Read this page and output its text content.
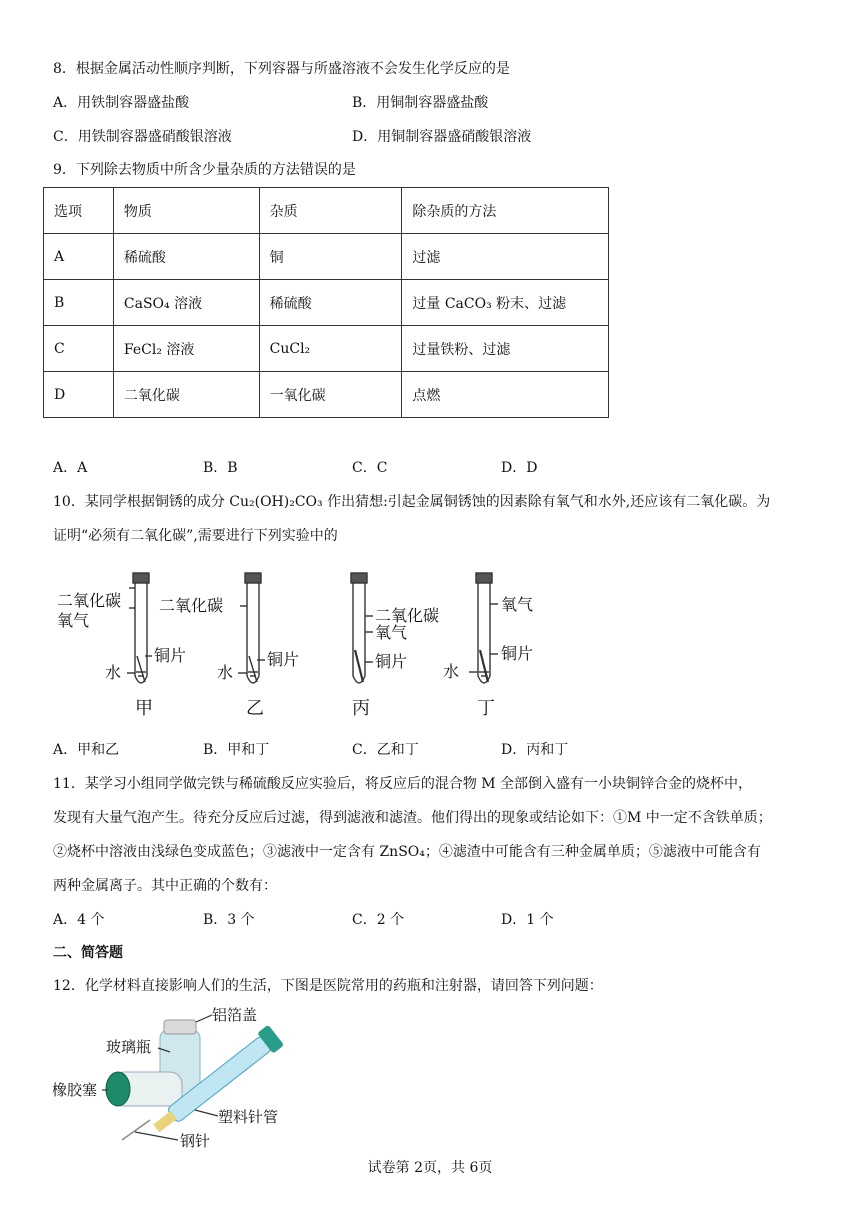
8．根据金属活动性顺序判断，下列容器与所盛溶液不会发生化学反应的是
A．用铁制容器盛盐酸	B．用铜制容器盛盐酸
C．用铁制容器盛硝酸银溶液	D．用铜制容器盛硝酸银溶液
9．下列除去物质中所含少量杂质的方法错误的是
选项	物质	杂质	除杂质的方法
A	稀硫酸	铜	过滤
B	CaSO₄ 溶液	稀硫酸	过量 CaCO₃ 粉末、过滤
C	FeCl₂ 溶液	CuCl₂	过量铁粉、过滤
D	二氧化碳	一氧化碳	点燃
A．A	B．B	C．C	D．D
10．某同学根据铜锈的成分 Cu₂(OH)₂CO₃ 作出猜想:引起金属铜锈蚀的因素除有氧气和水外,还应该有二氧化碳。为
证明“必须有二氧化碳”,需要进行下列实验中的
二氧化碳
氧气
铜片
水
甲
二氧化碳
铜片
水
乙
二氧化碳
氧气
铜片
丙
氧气
铜片
水
丁
A．甲和乙	B．甲和丁	C．乙和丁	D．丙和丁
11．某学习小组同学做完铁与稀硫酸反应实验后，将反应后的混合物 M 全部倒入盛有一小块铜锌合金的烧杯中，
发现有大量气泡产生。待充分反应后过滤，得到滤液和滤渣。他们得出的现象或结论如下：①M 中一定不含铁单质；
②烧杯中溶液由浅绿色变成蓝色；③滤液中一定含有 ZnSO₄；④滤渣中可能含有三种金属单质；⑤滤液中可能含有
两种金属离子。其中正确的个数有：
A．4 个	B．3 个	C．2 个	D．1 个
二、简答题
12．化学材料直接影响人们的生活，下图是医院常用的药瓶和注射器，请回答下列问题：
铝箔盖
玻璃瓶
橡胶塞
塑料针管
钢针
试卷第 2页，共 6页
